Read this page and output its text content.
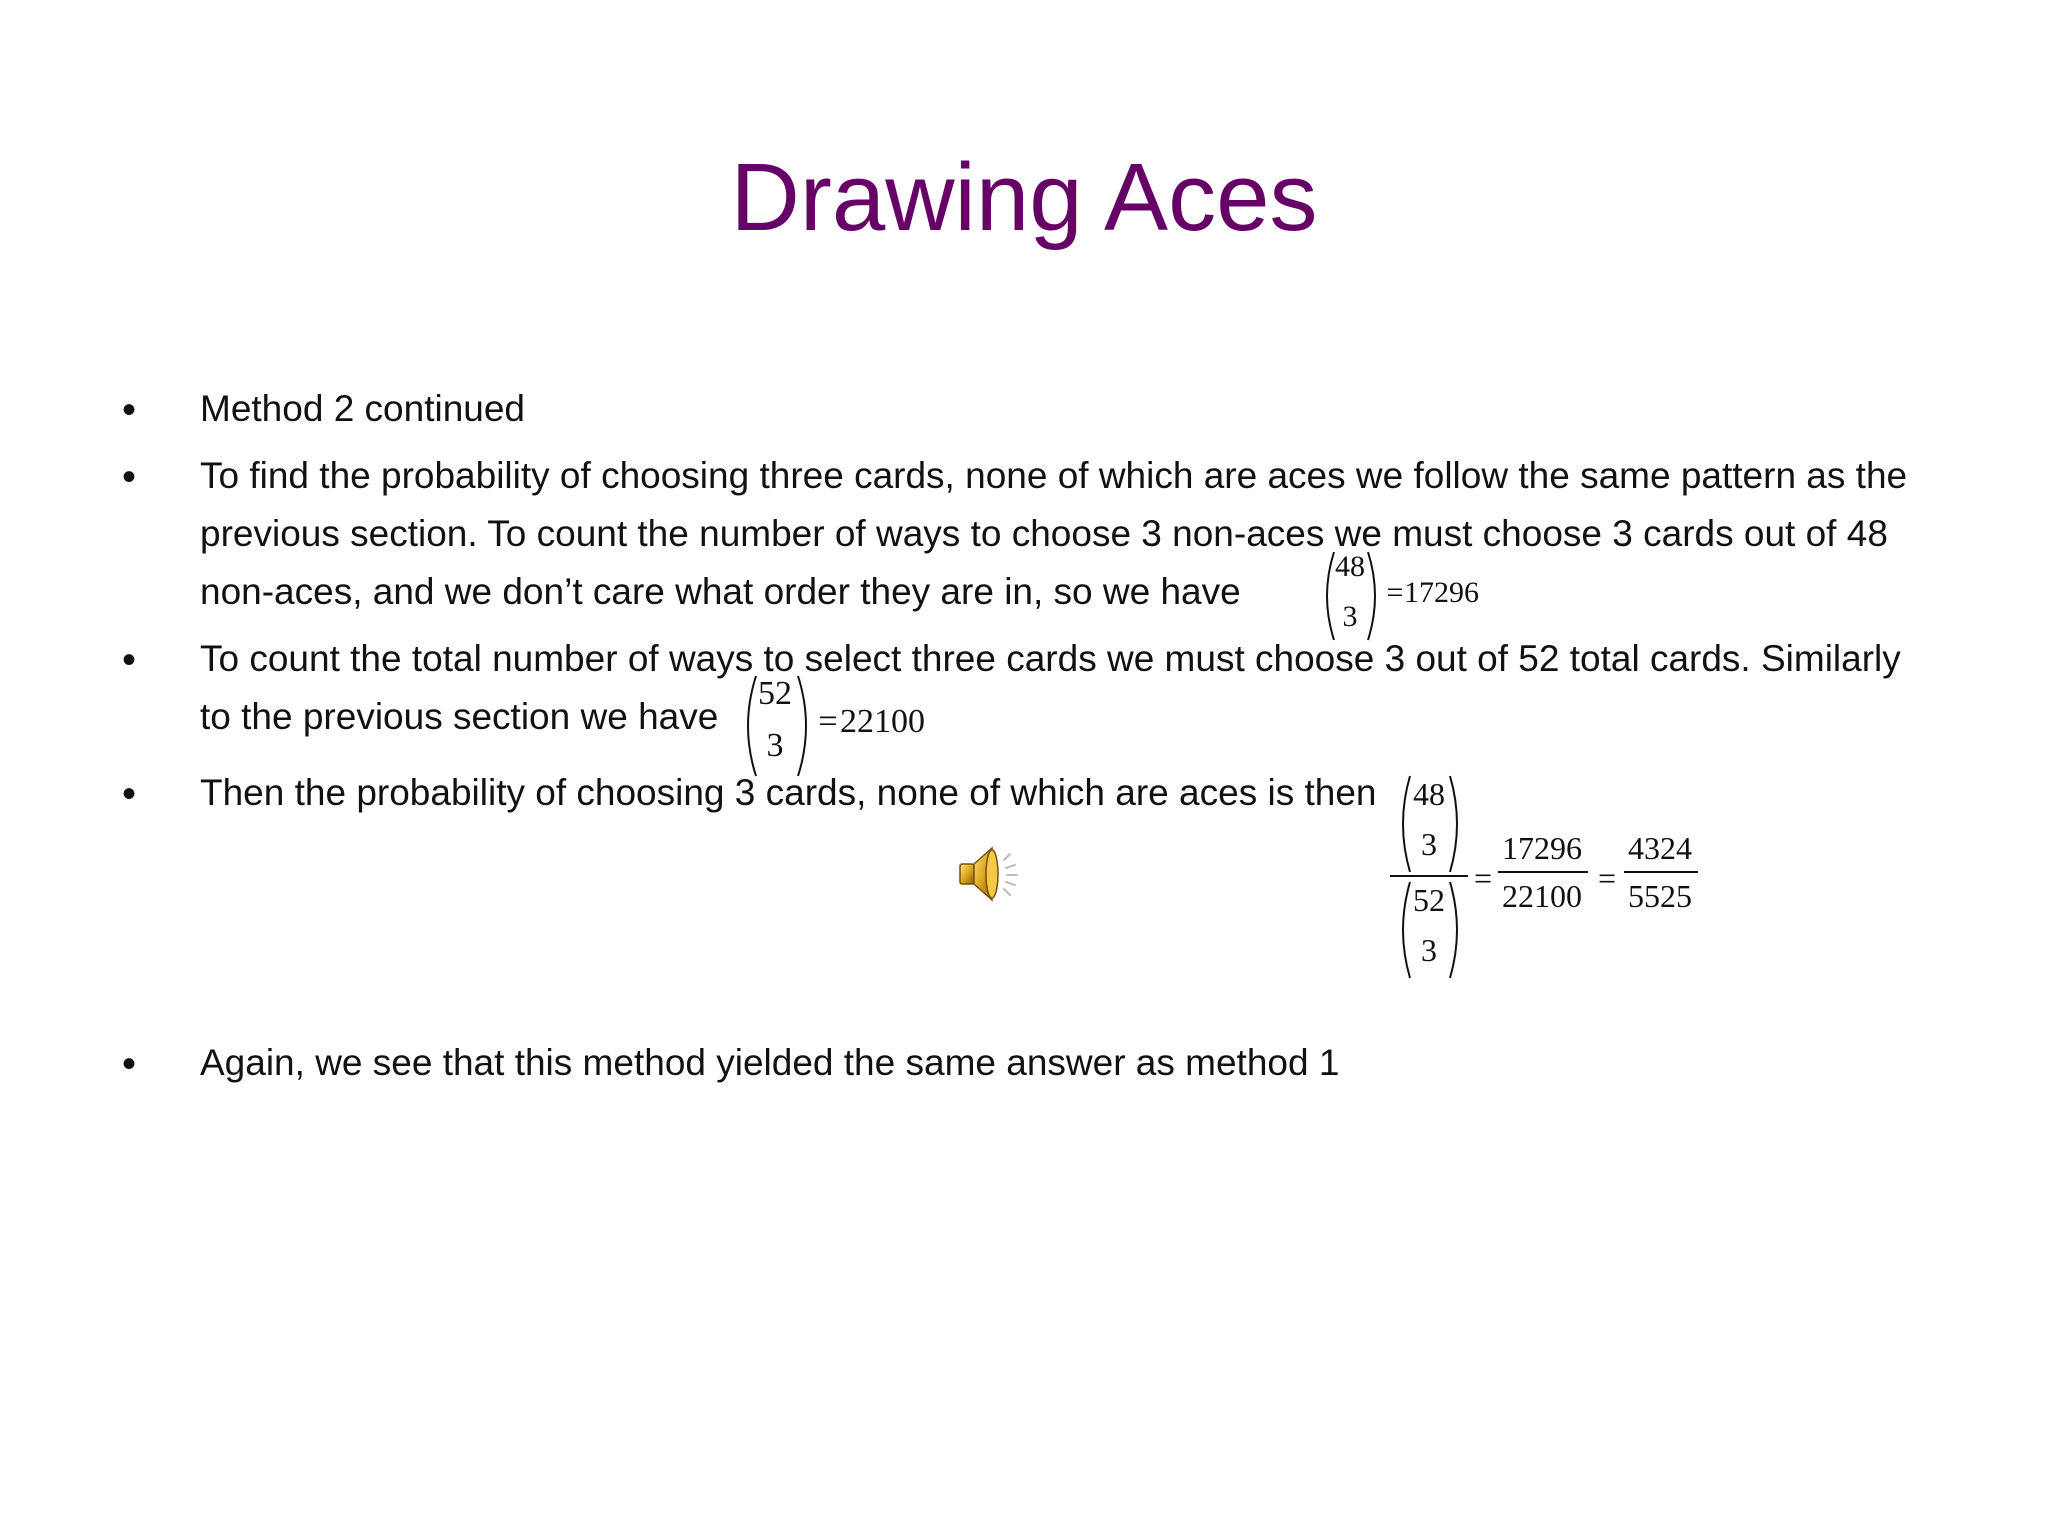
Drawing Aces
• Method 2 continued
• To find the probability of choosing three cards, none of which are aces we follow the same pattern as the
previous section. To count the number of ways to choose 3 non-aces we must choose 3 cards out of 48
non-aces, and we don’t care what order they are in, so we have
48
3
= 17296
• To count the total number of ways to select three cards we must choose 3 out of 52 total cards. Similarly
to the previous section we have
52
3
= 22100
• Then the probability of choosing 3 cards, none of which are aces is then 48
3
52
3
=
17296
22100 =
4324
5525
• Again, we see that this method yielded the same answer as method 1
